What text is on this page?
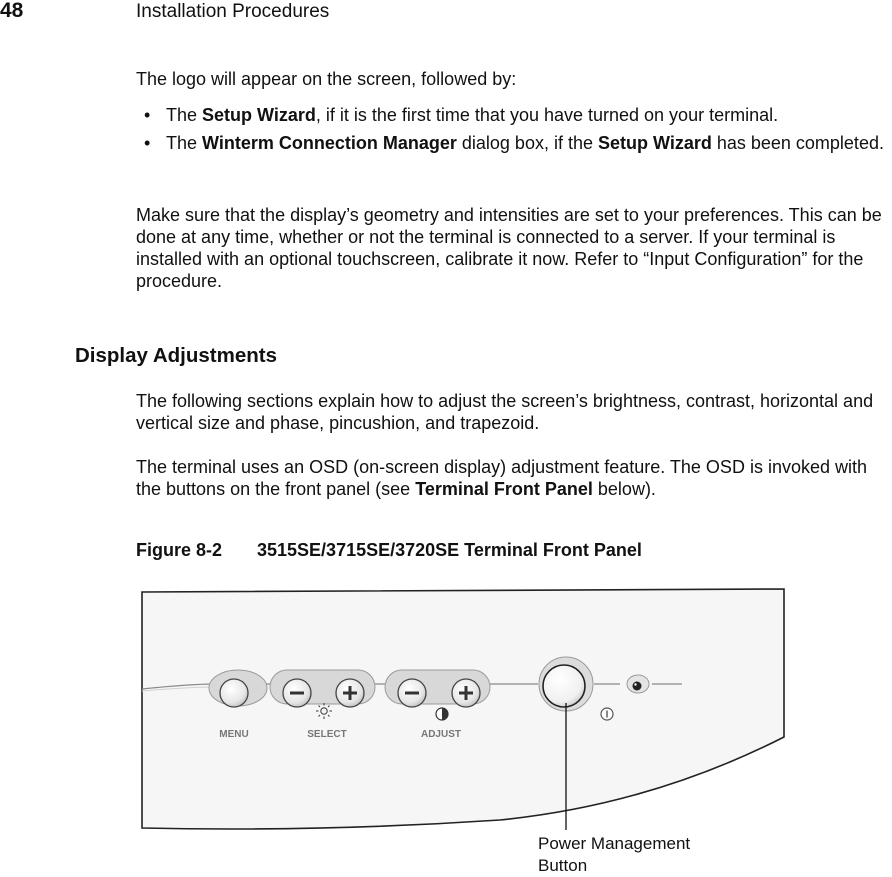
48	Installation Procedures
The logo will appear on the screen, followed by:
• The Setup Wizard, if it is the first time that you have turned on your terminal.
• The Winterm Connection Manager dialog box, if the Setup Wizard has been completed.
Make sure that the display’s geometry and intensities are set to your preferences. This can be done at any time, whether or not the terminal is connected to a server. If your terminal is installed with an optional touchscreen, calibrate it now. Refer to “Input Configuration” for the procedure.
Display Adjustments
The following sections explain how to adjust the screen’s brightness, contrast, horizontal and vertical size and phase, pincushion, and trapezoid.
The terminal uses an OSD (on-screen display) adjustment feature. The OSD is invoked with the buttons on the front panel (see Terminal Front Panel below).
Figure 8-2 3515SE/3715SE/3720SE Terminal Front Panel
MENU	SELECT	ADJUST
Power Management
Button
